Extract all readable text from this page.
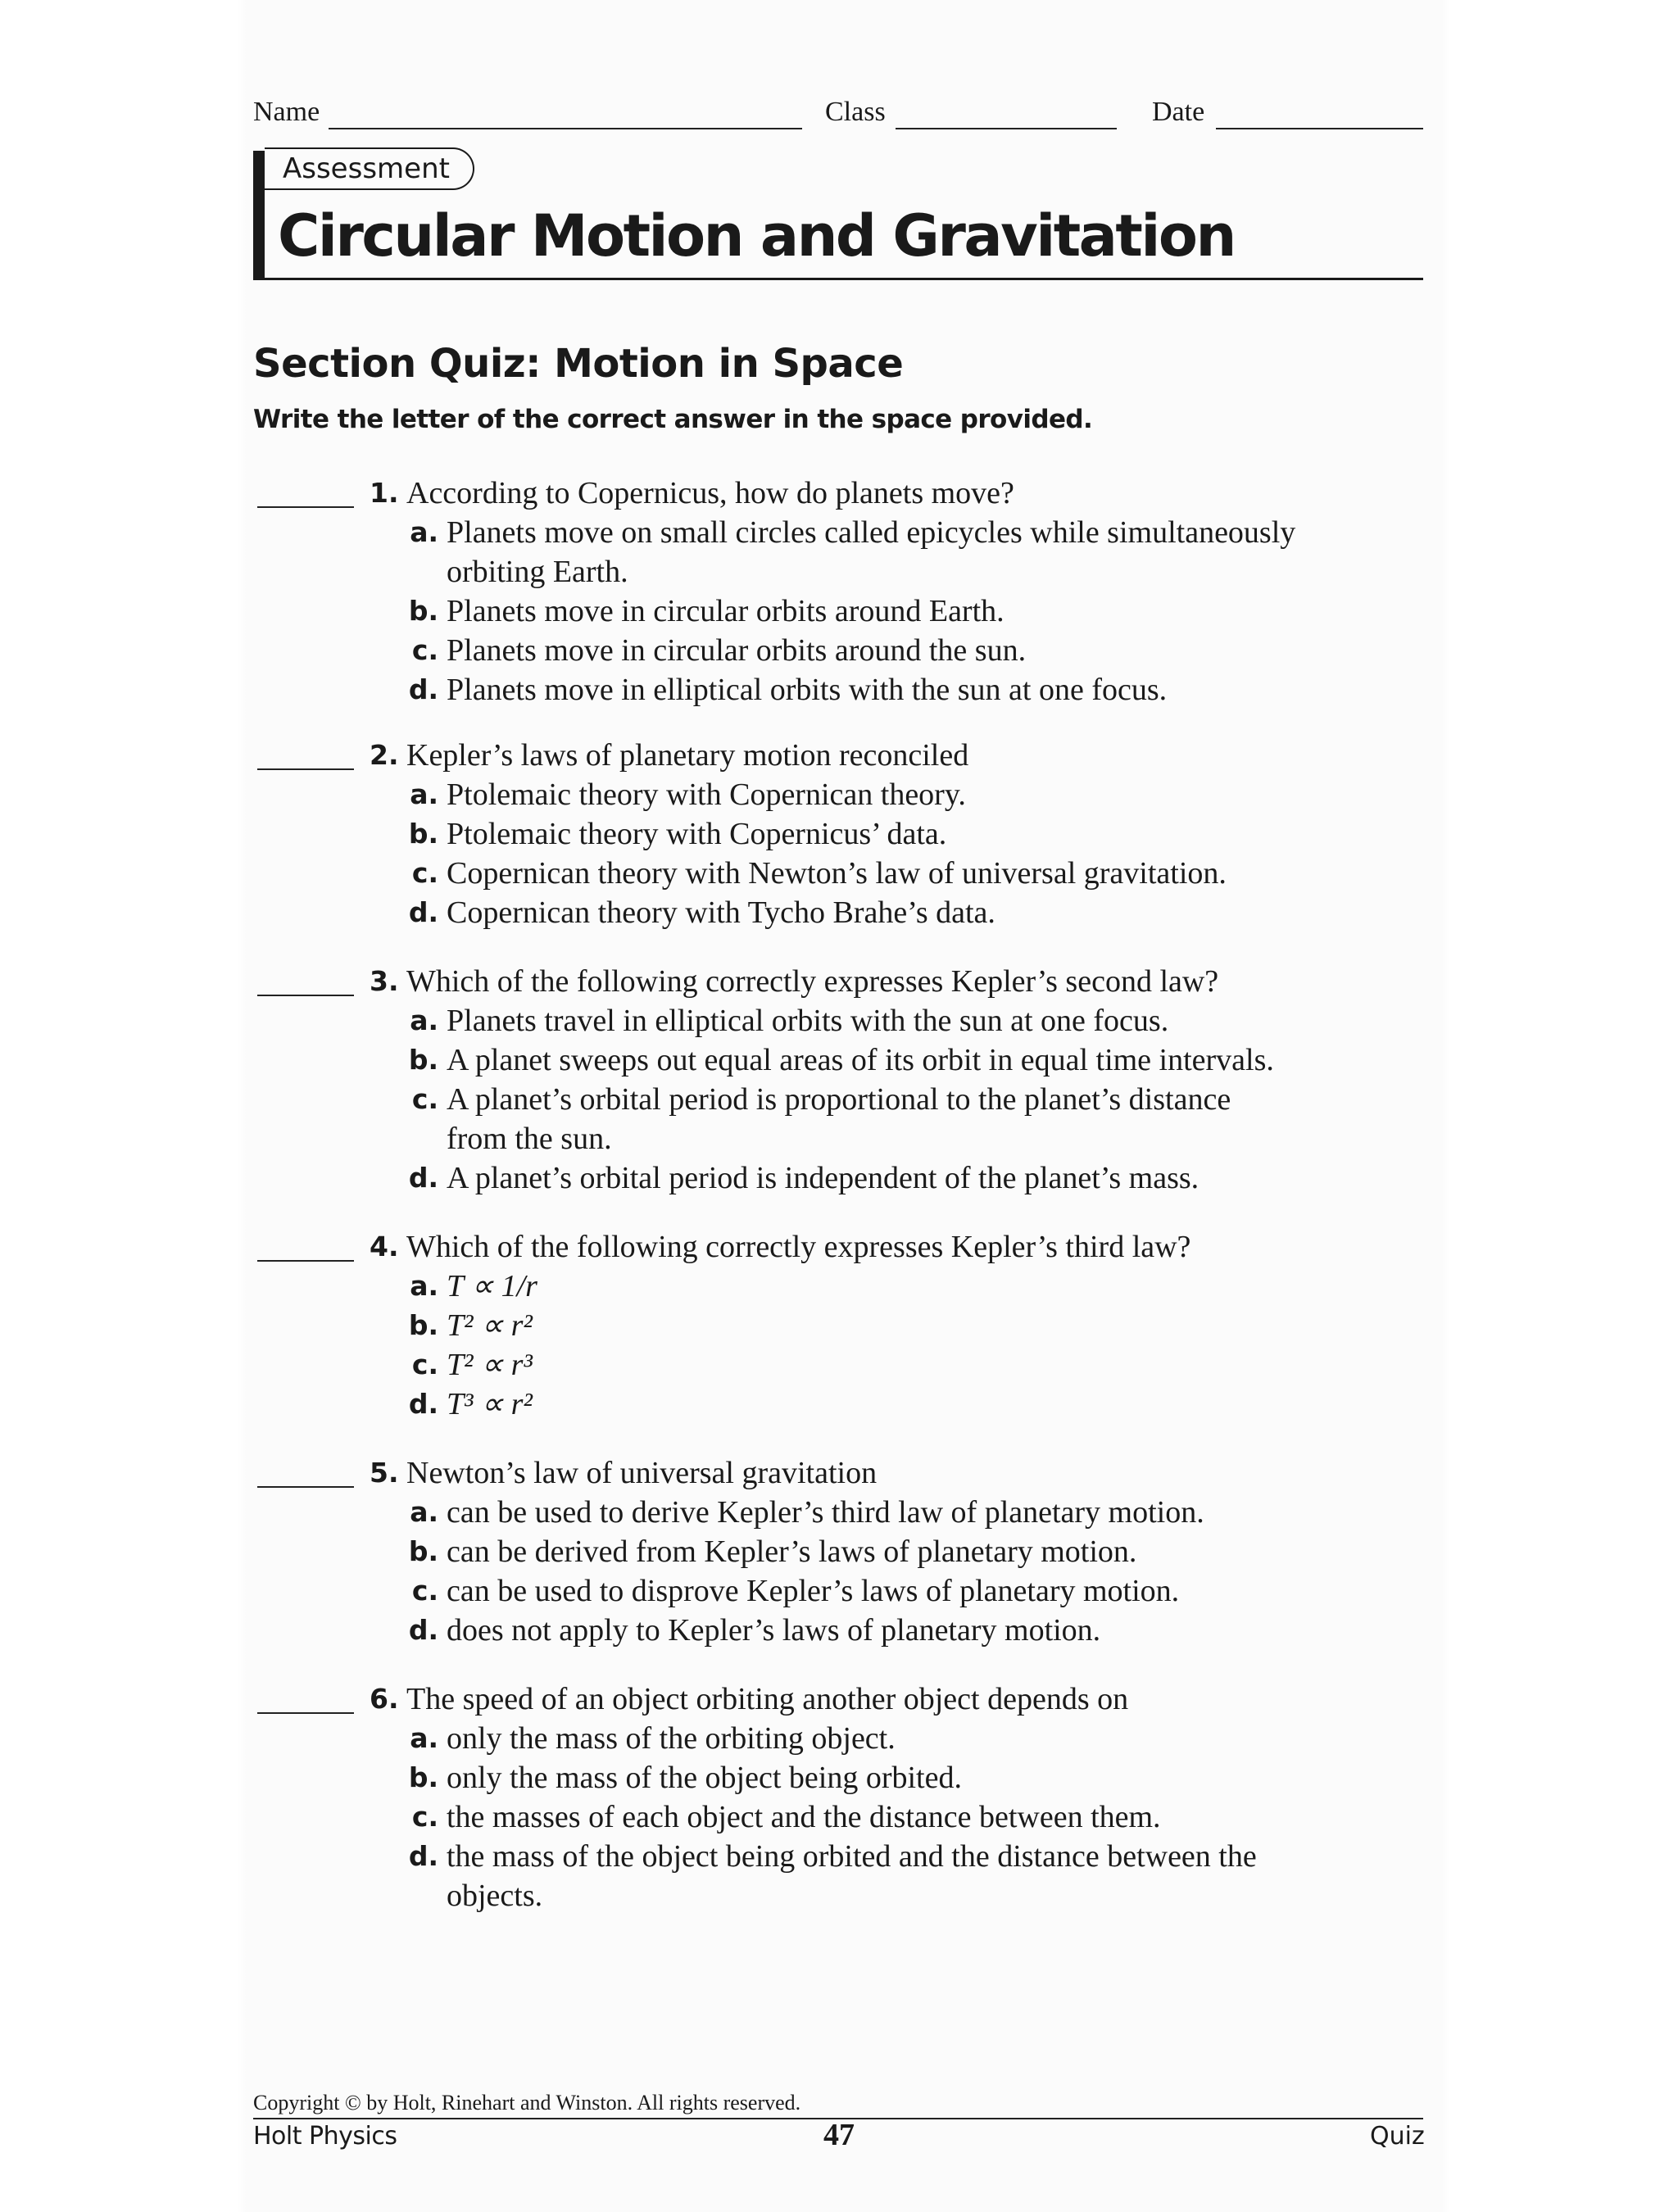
Name	Class	Date
Assessment
Circular Motion and Gravitation
Section Quiz: Motion in Space
Write the letter of the correct answer in the space provided.
1. According to Copernicus, how do planets move?
a. Planets move on small circles called epicycles while simultaneously
orbiting Earth.
b. Planets move in circular orbits around Earth.
c. Planets move in circular orbits around the sun.
d. Planets move in elliptical orbits with the sun at one focus.
2. Kepler’s laws of planetary motion reconciled
a. Ptolemaic theory with Copernican theory.
b. Ptolemaic theory with Copernicus’ data.
c. Copernican theory with Newton’s law of universal gravitation.
d. Copernican theory with Tycho Brahe’s data.
3. Which of the following correctly expresses Kepler’s second law?
a. Planets travel in elliptical orbits with the sun at one focus.
b. A planet sweeps out equal areas of its orbit in equal time intervals.
c. A planet’s orbital period is proportional to the planet’s distance
from the sun.
d. A planet’s orbital period is independent of the planet’s mass.
4. Which of the following correctly expresses Kepler’s third law?
a. T ∝ 1/r
b. T² ∝ r²
c. T² ∝ r³
d. T³ ∝ r²
5. Newton’s law of universal gravitation
a. can be used to derive Kepler’s third law of planetary motion.
b. can be derived from Kepler’s laws of planetary motion.
c. can be used to disprove Kepler’s laws of planetary motion.
d. does not apply to Kepler’s laws of planetary motion.
6. The speed of an object orbiting another object depends on
a. only the mass of the orbiting object.
b. only the mass of the object being orbited.
c. the masses of each object and the distance between them.
d. the mass of the object being orbited and the distance between the
objects.
Copyright © by Holt, Rinehart and Winston. All rights reserved.
Holt Physics	47	Quiz
